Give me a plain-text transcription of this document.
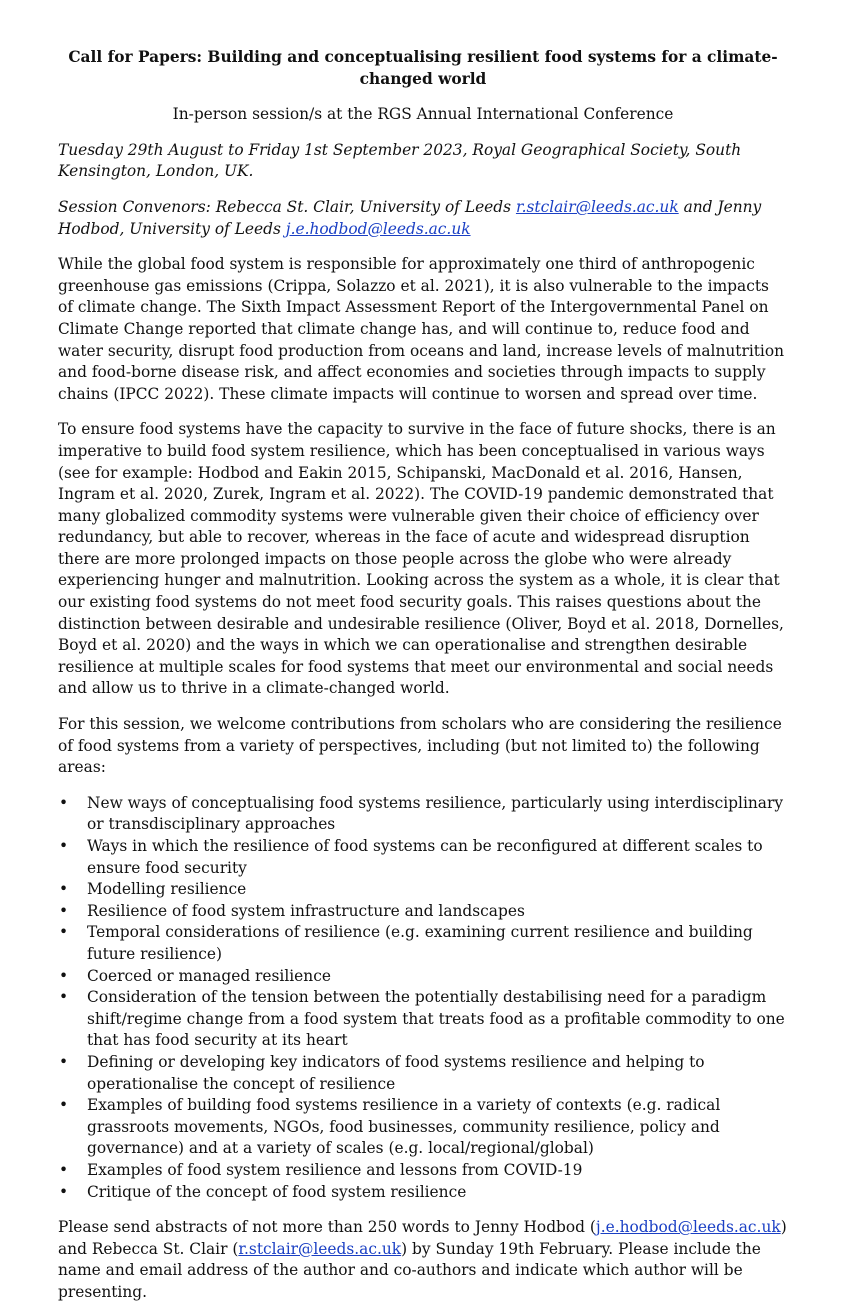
Call for Papers: Building and conceptualising resilient food systems for a climate-changed world

In-person session/s at the RGS Annual International Conference

Tuesday 29th August to Friday 1st September 2023, Royal Geographical Society, South Kensington, London, UK.

Session Convenors: Rebecca St. Clair, University of Leeds r.stclair@leeds.ac.uk and Jenny Hodbod, University of Leeds j.e.hodbod@leeds.ac.uk

While the global food system is responsible for approximately one third of anthropogenic greenhouse gas emissions (Crippa, Solazzo et al. 2021), it is also vulnerable to the impacts of climate change. The Sixth Impact Assessment Report of the Intergovernmental Panel on Climate Change reported that climate change has, and will continue to, reduce food and water security, disrupt food production from oceans and land, increase levels of malnutrition and food-borne disease risk, and affect economies and societies through impacts to supply chains (IPCC 2022). These climate impacts will continue to worsen and spread over time.

To ensure food systems have the capacity to survive in the face of future shocks, there is an imperative to build food system resilience, which has been conceptualised in various ways (see for example: Hodbod and Eakin 2015, Schipanski, MacDonald et al. 2016, Hansen, Ingram et al. 2020, Zurek, Ingram et al. 2022). The COVID-19 pandemic demonstrated that many globalized commodity systems were vulnerable given their choice of efficiency over redundancy, but able to recover, whereas in the face of acute and widespread disruption there are more prolonged impacts on those people across the globe who were already experiencing hunger and malnutrition. Looking across the system as a whole, it is clear that our existing food systems do not meet food security goals. This raises questions about the distinction between desirable and undesirable resilience (Oliver, Boyd et al. 2018, Dornelles, Boyd et al. 2020) and the ways in which we can operationalise and strengthen desirable resilience at multiple scales for food systems that meet our environmental and social needs and allow us to thrive in a climate-changed world.

For this session, we welcome contributions from scholars who are considering the resilience of food systems from a variety of perspectives, including (but not limited to) the following areas:

• New ways of conceptualising food systems resilience, particularly using interdisciplinary or transdisciplinary approaches
• Ways in which the resilience of food systems can be reconfigured at different scales to ensure food security
• Modelling resilience
• Resilience of food system infrastructure and landscapes
• Temporal considerations of resilience (e.g. examining current resilience and building future resilience)
• Coerced or managed resilience
• Consideration of the tension between the potentially destabilising need for a paradigm shift/regime change from a food system that treats food as a profitable commodity to one that has food security at its heart
• Defining or developing key indicators of food systems resilience and helping to operationalise the concept of resilience
• Examples of building food systems resilience in a variety of contexts (e.g. radical grassroots movements, NGOs, food businesses, community resilience, policy and governance) and at a variety of scales (e.g. local/regional/global)
• Examples of food system resilience and lessons from COVID-19
• Critique of the concept of food system resilience

Please send abstracts of not more than 250 words to Jenny Hodbod (j.e.hodbod@leeds.ac.uk) and Rebecca St. Clair (r.stclair@leeds.ac.uk) by Sunday 19th February. Please include the name and email address of the author and co-authors and indicate which author will be presenting.
